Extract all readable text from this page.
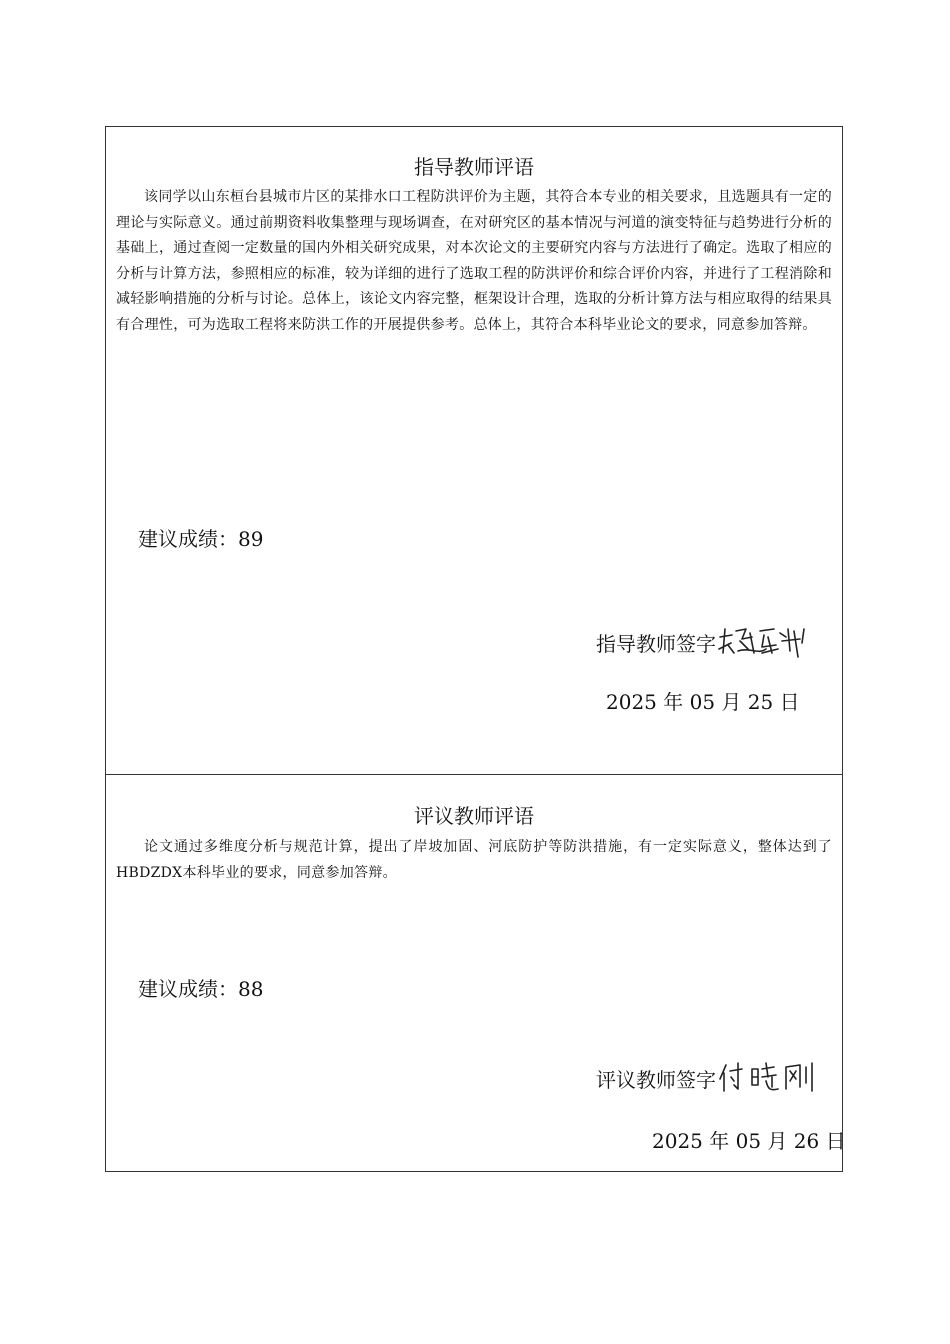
指导教师评语
该同学以山东桓台县城市片区的某排水口工程防洪评价为主题，其符合本专业的相关要求，且选题具有一定的理论与实际意义。通过前期资料收集整理与现场调查，在对研究区的基本情况与河道的演变特征与趋势进行分析的基础上，通过查阅一定数量的国内外相关研究成果，对本次论文的主要研究内容与方法进行了确定。选取了相应的分析与计算方法，参照相应的标准，较为详细的进行了选取工程的防洪评价和综合评价内容，并进行了工程消除和减轻影响措施的分析与讨论。总体上，该论文内容完整，框架设计合理，选取的分析计算方法与相应取得的结果具有合理性，可为选取工程将来防洪工作的开展提供参考。总体上，其符合本科毕业论文的要求，同意参加答辩。
建议成绩：89
指导教师签字
2025 年 05 月 25 日
评议教师评语
论文通过多维度分析与规范计算，提出了岸坡加固、河底防护等防洪措施，有一定实际意义，整体达到了HBDZDX本科毕业的要求，同意参加答辩。
建议成绩：88
评议教师签字
2025 年 05 月 26 日
